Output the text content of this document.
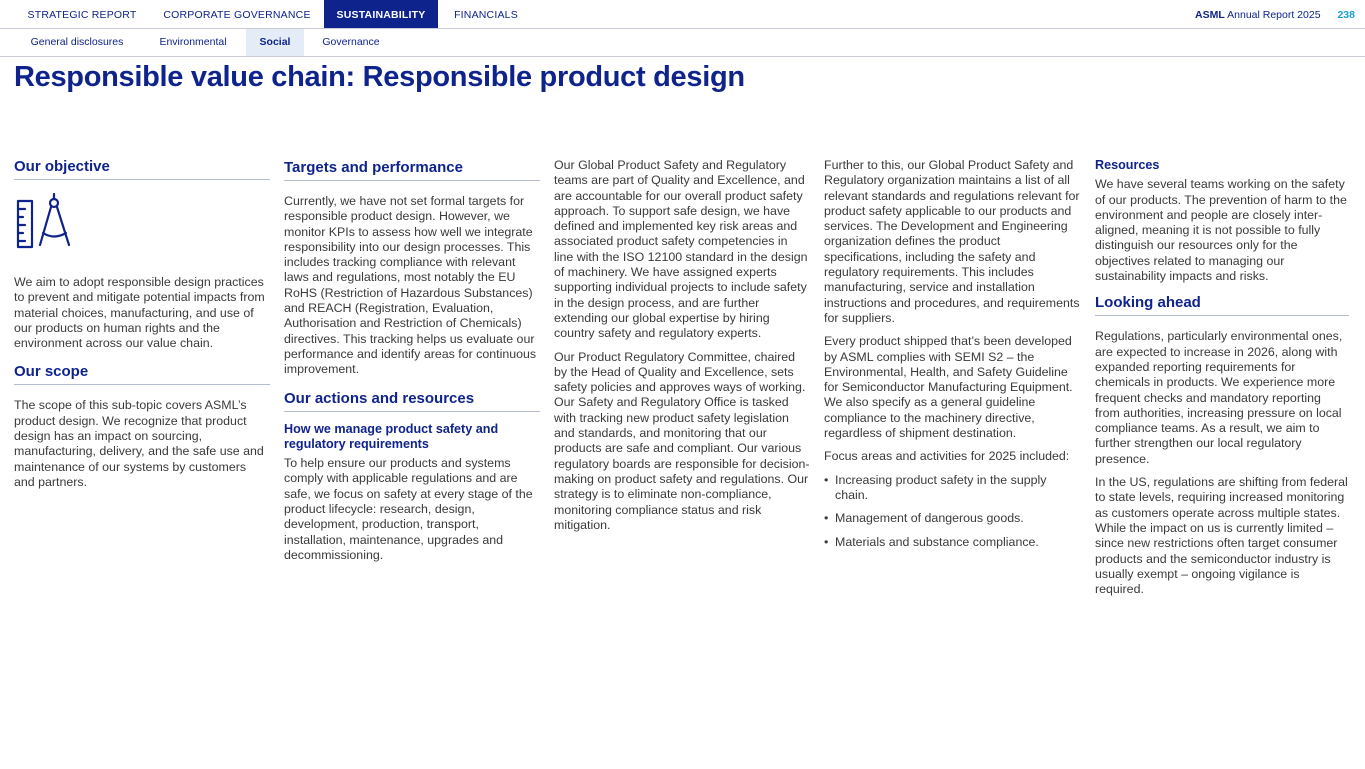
STRATEGIC REPORT	CORPORATE GOVERNANCE	SUSTAINABILITY	FINANCIALS	ASML Annual Report 2025 238
General disclosures	Environmental	Social	Governance
Responsible value chain: Responsible product design
Our objective

We aim to adopt responsible design practices to prevent and mitigate potential impacts from material choices, manufacturing, and use of our products on human rights and the environment across our value chain.

Our scope

The scope of this sub-topic covers ASML’s product design. We recognize that product design has an impact on sourcing, manufacturing, delivery, and the safe use and maintenance of our systems by customers and partners.

Targets and performance

Currently, we have not set formal targets for responsible product design. However, we monitor KPIs to assess how well we integrate responsibility into our design processes. This includes tracking compliance with relevant laws and regulations, most notably the EU RoHS (Restriction of Hazardous Substances) and REACH (Registration, Evaluation, Authorisation and Restriction of Chemicals) directives. This tracking helps us evaluate our performance and identify areas for continuous improvement.

Our actions and resources
How we manage product safety and regulatory requirements

To help ensure our products and systems comply with applicable regulations and are safe, we focus on safety at every stage of the product lifecycle: research, design, development, production, transport, installation, maintenance, upgrades and decommissioning.

Our Global Product Safety and Regulatory teams are part of Quality and Excellence, and are accountable for our overall product safety approach. To support safe design, we have defined and implemented key risk areas and associated product safety competencies in line with the ISO 12100 standard in the design of machinery. We have assigned experts supporting individual projects to include safety in the design process, and are further extending our global expertise by hiring country safety and regulatory experts.

Our Product Regulatory Committee, chaired by the Head of Quality and Excellence, sets safety policies and approves ways of working. Our Safety and Regulatory Office is tasked with tracking new product safety legislation and standards, and monitoring that our products are safe and compliant. Our various regulatory boards are responsible for decision-making on product safety and regulations. Our strategy is to eliminate non-compliance, monitoring compliance status and risk mitigation.

Further to this, our Global Product Safety and Regulatory organization maintains a list of all relevant standards and regulations relevant for product safety applicable to our products and services. The Development and Engineering organization defines the product specifications, including the safety and regulatory requirements. This includes manufacturing, service and installation instructions and procedures, and requirements for suppliers.

Every product shipped that’s been developed by ASML complies with SEMI S2 – the Environmental, Health, and Safety Guideline for Semiconductor Manufacturing Equipment. We also specify as a general guideline compliance to the machinery directive, regardless of shipment destination.

Focus areas and activities for 2025 included:

• Increasing product safety in the supply chain.
• Management of dangerous goods.
• Materials and substance compliance.
Resources

We have several teams working on the safety of our products. The prevention of harm to the environment and people are closely inter-aligned, meaning it is not possible to fully distinguish our resources only for the objectives related to managing our sustainability impacts and risks.

Looking ahead

Regulations, particularly environmental ones, are expected to increase in 2026, along with expanded reporting requirements for chemicals in products. We experience more frequent checks and mandatory reporting from authorities, increasing pressure on local compliance teams. As a result, we aim to further strengthen our local regulatory presence.

In the US, regulations are shifting from federal to state levels, requiring increased monitoring as customers operate across multiple states. While the impact on us is currently limited – since new restrictions often target consumer products and the semiconductor industry is usually exempt – ongoing vigilance is required.
